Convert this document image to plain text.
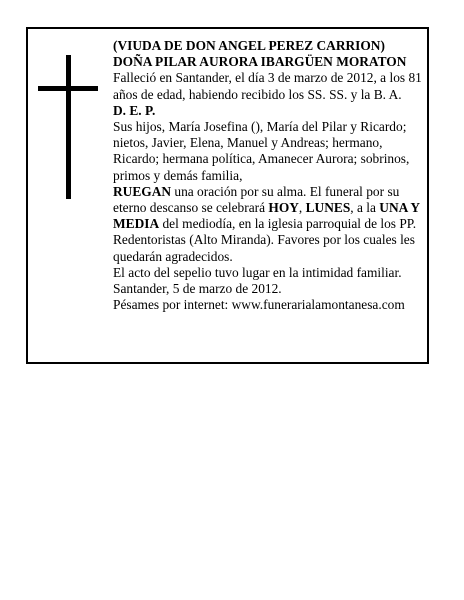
(VIUDA DE DON ANGEL PEREZ CARRION)

DOÑA PILAR AURORA IBARGÜEN MORATON

Falleció en Santander, el día 3 de marzo de 2012, a los 81 años de edad, habiendo recibido los SS. SS. y la B. A.

D. E. P.

Sus hijos, María Josefina (), María del Pilar y Ricardo; nietos, Javier, Elena, Manuel y Andreas; hermano, Ricardo; hermana política, Amanecer Aurora; sobrinos, primos y demás familia,

RUEGAN una oración por su alma. El funeral por su eterno descanso se celebrará HOY, LUNES, a la UNA Y MEDIA del mediodía, en la iglesia parroquial de los PP. Redentoristas (Alto Miranda). Favores por los cuales les quedarán agradecidos.

El acto del sepelio tuvo lugar en la intimidad familiar.

Santander, 5 de marzo de 2012.

Pésames por internet: www.funerarialamontanesa.com
